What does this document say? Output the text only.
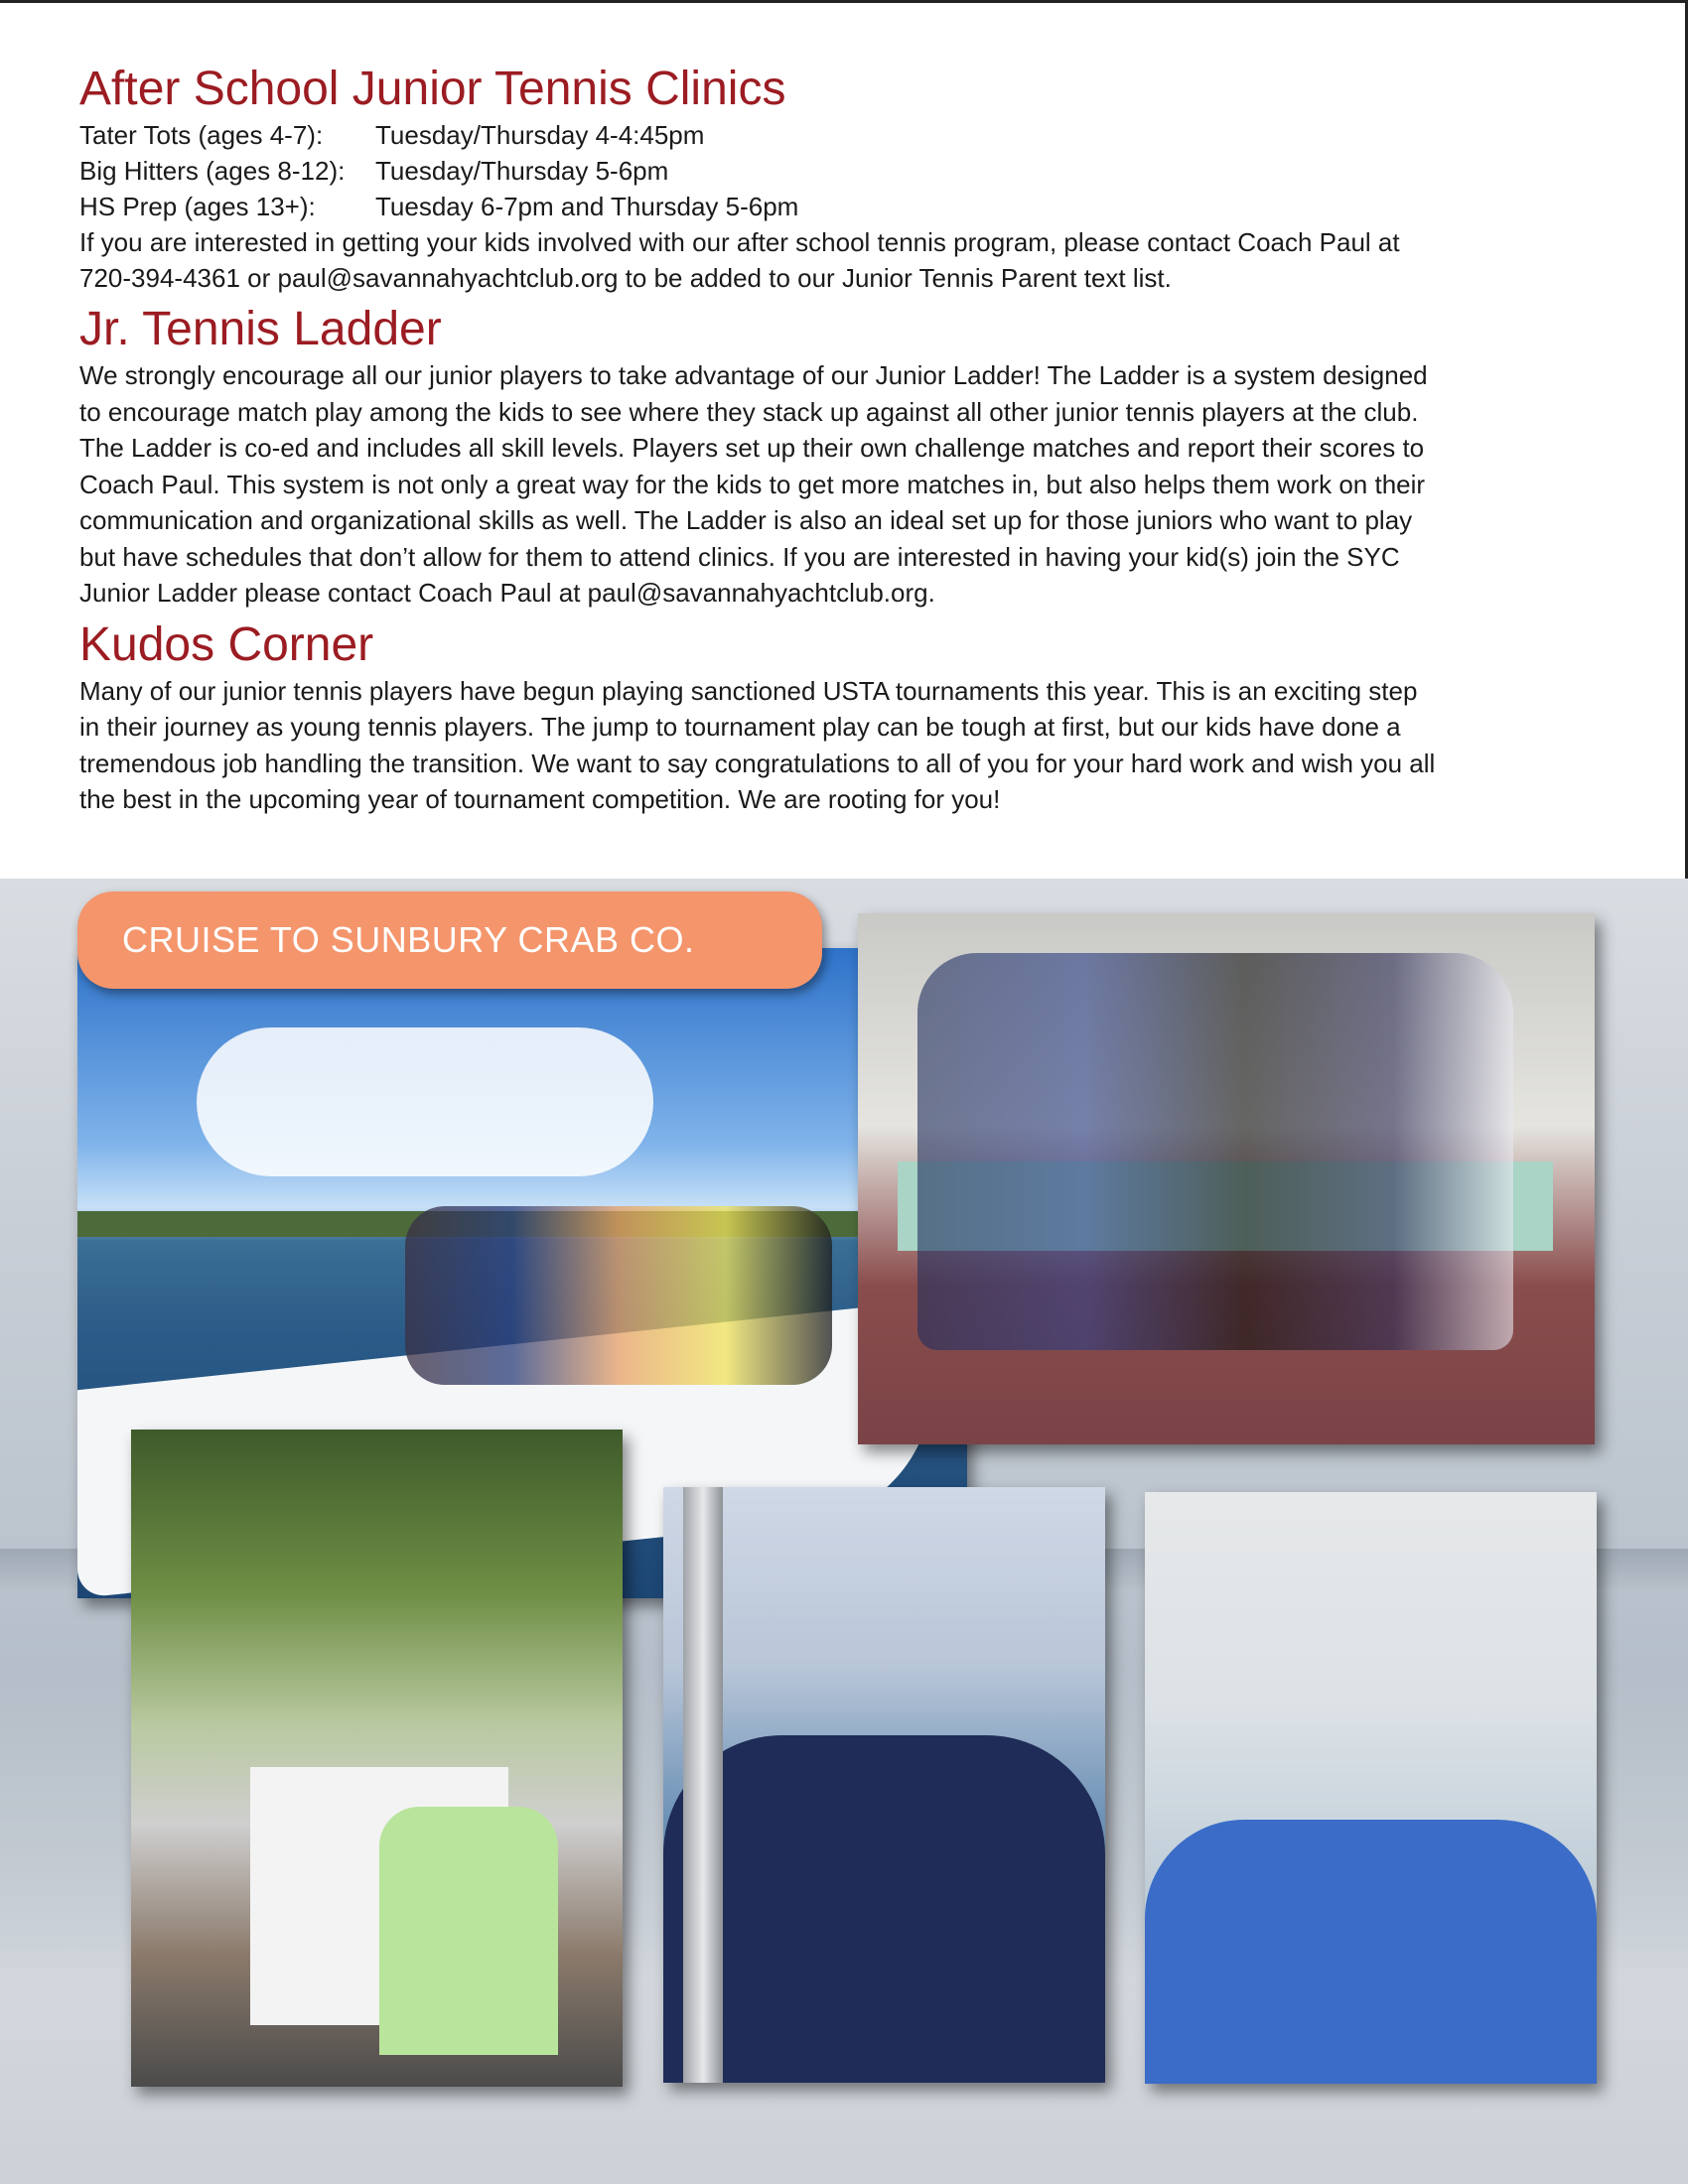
After School Junior Tennis Clinics
Tater Tots (ages 4-7):	Tuesday/Thursday 4-4:45pm
Big Hitters (ages 8-12):	Tuesday/Thursday 5-6pm
HS Prep (ages 13+):	Tuesday 6-7pm and Thursday 5-6pm
If you are interested in getting your kids involved with our after school tennis program, please contact Coach Paul at
720-394-4361 or paul@savannahyachtclub.org to be added to our Junior Tennis Parent text list.
Jr. Tennis Ladder
We strongly encourage all our junior players to take advantage of our Junior Ladder! The Ladder is a system designed
to encourage match play among the kids to see where they stack up against all other junior tennis players at the club.
The Ladder is co-ed and includes all skill levels. Players set up their own challenge matches and report their scores to
Coach Paul. This system is not only a great way for the kids to get more matches in, but also helps them work on their
communication and organizational skills as well. The Ladder is also an ideal set up for those juniors who want to play
but have schedules that don’t allow for them to attend clinics. If you are interested in having your kid(s) join the SYC
Junior Ladder please contact Coach Paul at paul@savannahyachtclub.org.
Kudos Corner
Many of our junior tennis players have begun playing sanctioned USTA tournaments this year. This is an exciting step
in their journey as young tennis players. The jump to tournament play can be tough at first, but our kids have done a
tremendous job handling the transition. We want to say congratulations to all of you for your hard work and wish you all
the best in the upcoming year of tournament competition. We are rooting for you!
CRUISE TO SUNBURY CRAB CO.
